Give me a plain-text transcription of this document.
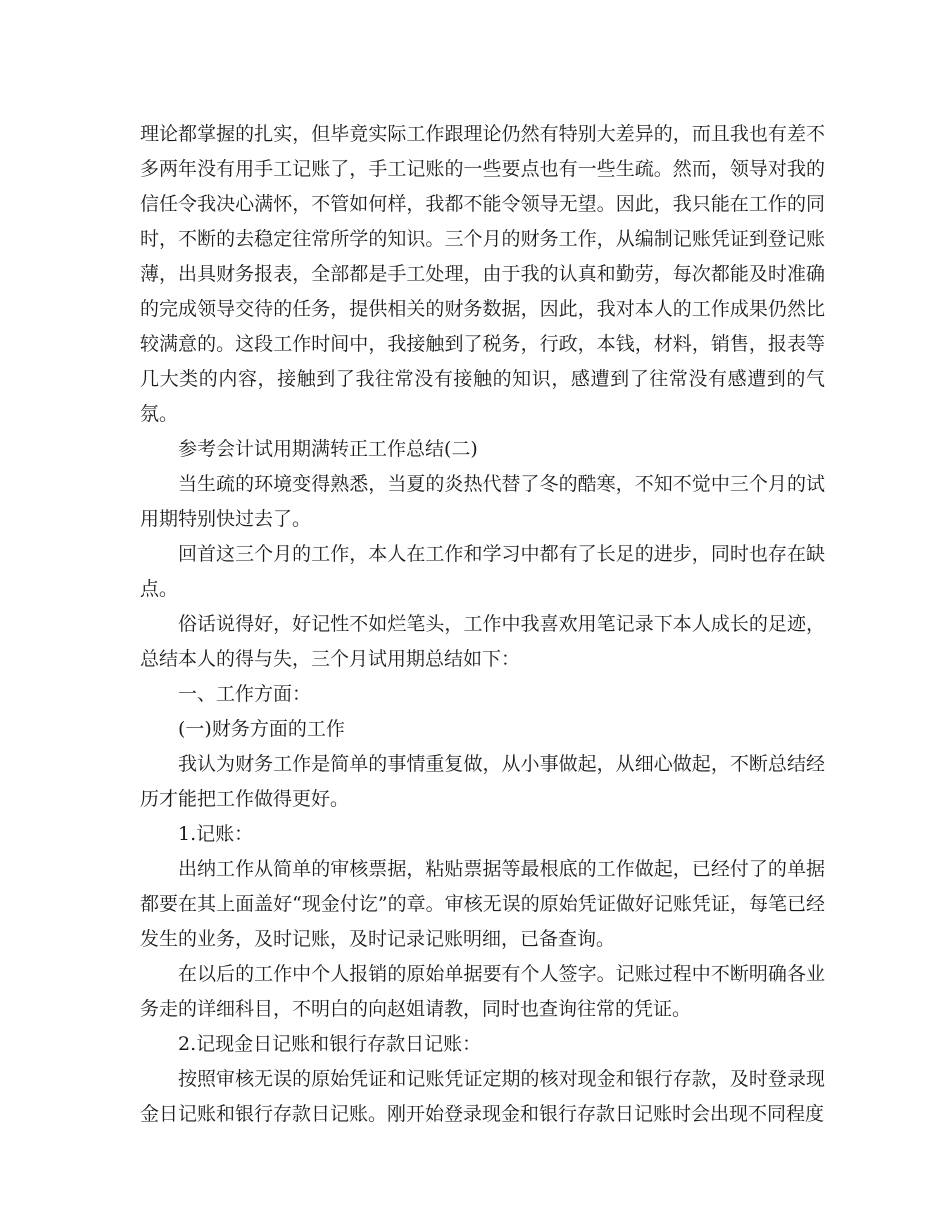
理论都掌握的扎实，但毕竟实际工作跟理论仍然有特别大差异的，而且我也有差不多两年没有用手工记账了，手工记账的一些要点也有一些生疏。然而，领导对我的信任令我决心满怀，不管如何样，我都不能令领导无望。因此，我只能在工作的同时，不断的去稳定往常所学的知识。三个月的财务工作，从编制记账凭证到登记账薄，出具财务报表，全部都是手工处理，由于我的认真和勤劳，每次都能及时准确的完成领导交待的任务，提供相关的财务数据，因此，我对本人的工作成果仍然比较满意的。这段工作时间中，我接触到了税务，行政，本钱，材料，销售，报表等几大类的内容，接触到了我往常没有接触的知识，感遭到了往常没有感遭到的气氛。

参考会计试用期满转正工作总结(二)

当生疏的环境变得熟悉，当夏的炎热代替了冬的酷寒，不知不觉中三个月的试用期特别快过去了。

回首这三个月的工作，本人在工作和学习中都有了长足的进步，同时也存在缺点。

俗话说得好，好记性不如烂笔头，工作中我喜欢用笔记录下本人成长的足迹，总结本人的得与失，三个月试用期总结如下：

一、工作方面：

(一)财务方面的工作

我认为财务工作是简单的事情重复做，从小事做起，从细心做起，不断总结经历才能把工作做得更好。

1.记账：

出纳工作从简单的审核票据，粘贴票据等最根底的工作做起，已经付了的单据都要在其上面盖好“现金付讫”的章。审核无误的原始凭证做好记账凭证，每笔已经发生的业务，及时记账，及时记录记账明细，已备查询。

在以后的工作中个人报销的原始单据要有个人签字。记账过程中不断明确各业务走的详细科目，不明白的向赵姐请教，同时也查询往常的凭证。

2.记现金日记账和银行存款日记账：

按照审核无误的原始凭证和记账凭证定期的核对现金和银行存款，及时登录现金日记账和银行存款日记账。刚开始登录现金和银行存款日记账时会出现不同程度
